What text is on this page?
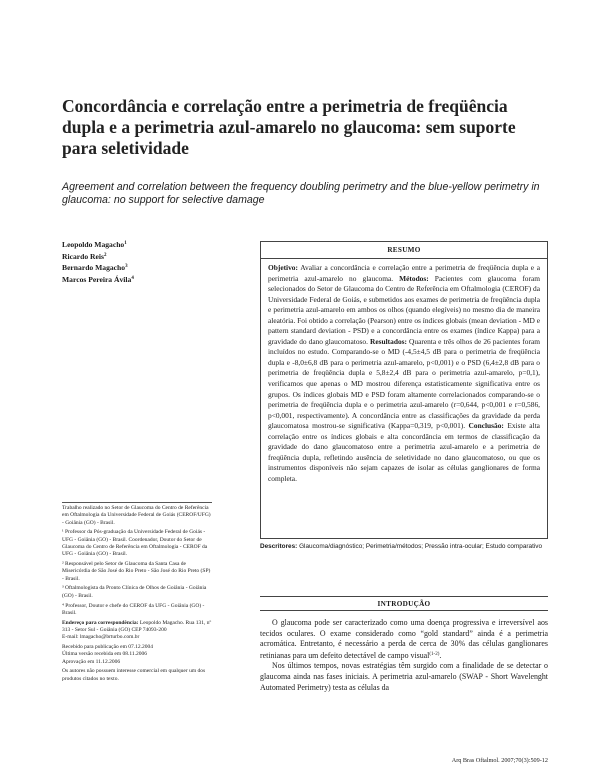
Concordância e correlação entre a perimetria de freqüência dupla e a perimetria azul-amarelo no glaucoma: sem suporte para seletividade
Agreement and correlation between the frequency doubling perimetry and the blue-yellow perimetry in glaucoma: no support for selective damage
Leopoldo Magacho$^1$
Ricardo Reis$^2$
Bernardo Magacho$^3$
Marcos Pereira Ávila$^4$
RESUMO
Objetivo: Avaliar a concordância e correlação entre a perimetria de freqüência dupla e a perimetria azul-amarelo no glaucoma. Métodos: Pacientes com glaucoma foram selecionados do Setor de Glaucoma do Centro de Referência em Oftalmologia (CEROF) da Universidade Federal de Goiás, e submetidos aos exames de perimetria de freqüência dupla e perimetria azul-amarelo em ambos os olhos (quando elegíveis) no mesmo dia de maneira aleatória. Foi obtido a correlação (Pearson) entre os índices globais (mean deviation - MD e pattern standard deviation - PSD) e a concordância entre os exames (índice Kappa) para a gravidade do dano glaucomatoso. Resultados: Quarenta e três olhos de 26 pacientes foram incluídos no estudo. Comparando-se o MD (-4,5±4,5 dB para o perimetria de freqüência dupla e -8,0±6,8 dB para o perimetria azul-amarelo, p<0,001) e o PSD (6,4±2,8 dB para o perimetria de freqüência dupla e 5,8±2,4 dB para o perimetria azul-amarelo, p=0,1), verificamos que apenas o MD mostrou diferença estatisticamente significativa entre os grupos. Os índices globais MD e PSD foram altamente correlacionados comparando-se o perimetria de freqüência dupla e o perimetria azul-amarelo (r=0,644, p<0,001 e r=0,586, p<0,001, respectivamente). A concordância entre as classificações da gravidade da perda glaucomatosa mostrou-se significativa (Kappa=0,319, p<0,001). Conclusão: Existe alta correlação entre os índices globais e alta concordância em termos de classificação da gravidade do dano glaucomatoso entre a perimetria azul-amarelo e a perimetria de freqüência dupla, refletindo ausência de seletividade no dano glaucomatoso, ou que os instrumentos disponíveis não sejam capazes de isolar as células ganglionares de forma completa.
Descritores: Glaucoma/diagnóstico; Perimetria/métodos; Pressão intra-ocular; Estudo comparativo

Trabalho realizado no Setor de Glaucoma do Centro de Referência em Oftalmologia da Universidade Federal de Goiás (CEROF/UFG) - Goiânia (GO) - Brasil.

¹ Professor da Pós-graduação da Universidade Federal de Goiás - UFG - Goiânia (GO) - Brasil. Coordenador, Doutor do Setor de Glaucoma do Centro de Referência em Oftalmologia - CEROF da UFG - Goiânia (GO) - Brasil.

² Responsável pelo Setor de Glaucoma da Santa Casa de Misericórdia de São José do Rio Preto - São José do Rio Preto (SP) - Brasil.

³ Oftalmologista da Pronto Clínica de Olhos de Goiânia - Goiânia (GO) - Brasil.

⁴ Professor, Doutor e chefe do CEROF da UFG - Goiânia (GO) - Brasil.

Endereço para correspondência: Leopoldo Magacho. Rua 131, nº 313 - Setor Sul - Goiânia (GO) CEP 74093-200
E-mail: lmagacho@brturbo.com.br

Recebido para publicação em 07.12.2004
Última versão recebida em 08.11.2006
Aprovação em 11.12.2006

Os autores não possuem interesse comercial em qualquer um dos produtos citados no texto.

INTRODUÇÃO

O glaucoma pode ser caracterizado como uma doença progressiva e irreversível aos tecidos oculares. O exame considerado como “gold standard” ainda é a perimetria acromática. Entretanto, é necessário a perda de cerca de 30% das células ganglionares retinianas para um defeito detectável de campo visual$^{(1-2)}$.

Nos últimos tempos, novas estratégias têm surgido com a finalidade de se detectar o glaucoma ainda nas fases iniciais. A perimetria azul-amarelo (SWAP - Short Wavelenght Automated Perimetry) testa as células da

Arq Bras Oftalmol. 2007;70(3):509-12
